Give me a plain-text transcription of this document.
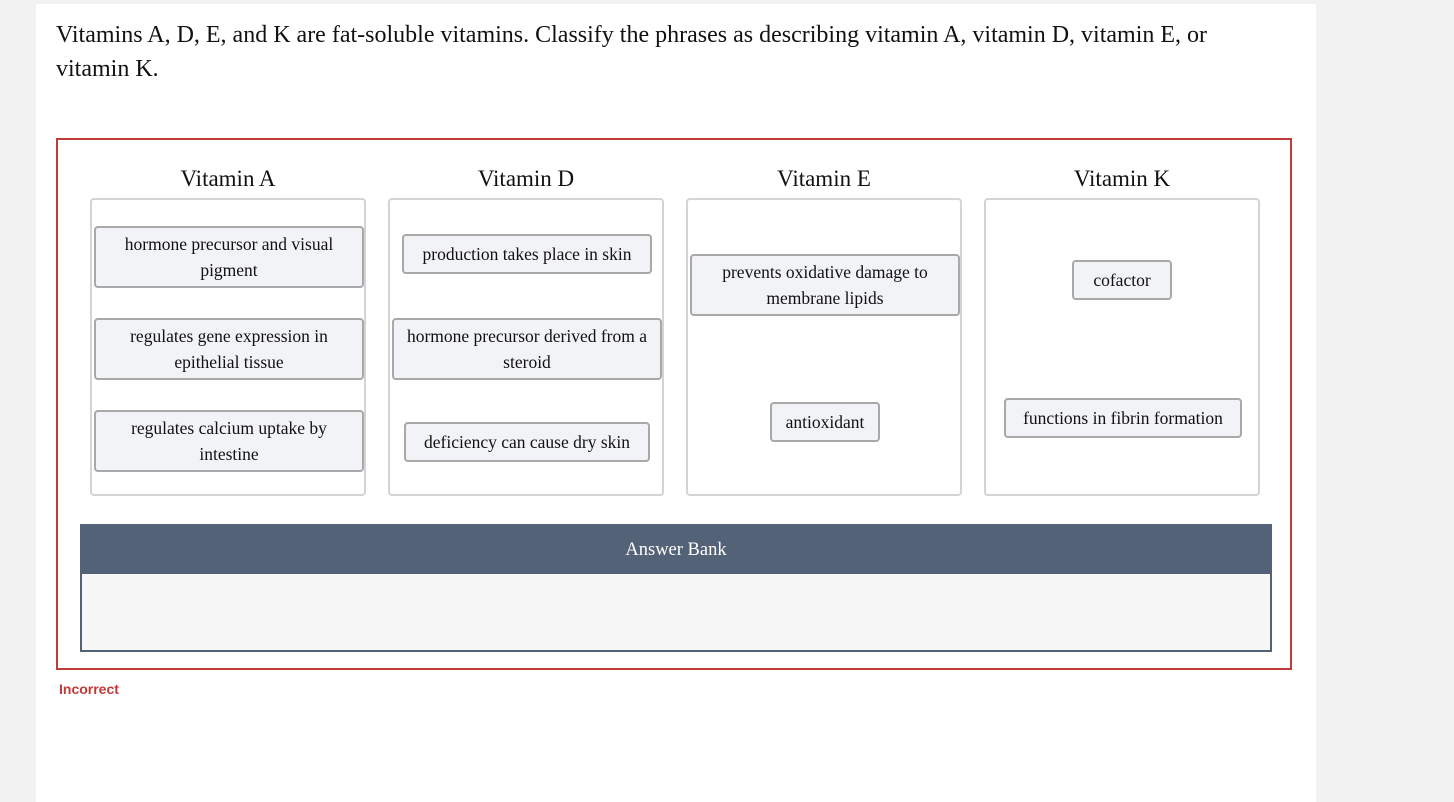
Vitamins A, D, E, and K are fat-soluble vitamins. Classify the phrases as describing vitamin A, vitamin D, vitamin E, or vitamin K.

Vitamin A
hormone precursor and visual pigment
regulates gene expression in epithelial tissue
regulates calcium uptake by intestine
Vitamin D
production takes place in skin
hormone precursor derived from a steroid
deficiency can cause dry skin
Vitamin E
prevents oxidative damage to membrane lipids
antioxidant
Vitamin K
cofactor
functions in fibrin formation
Answer Bank
Incorrect
